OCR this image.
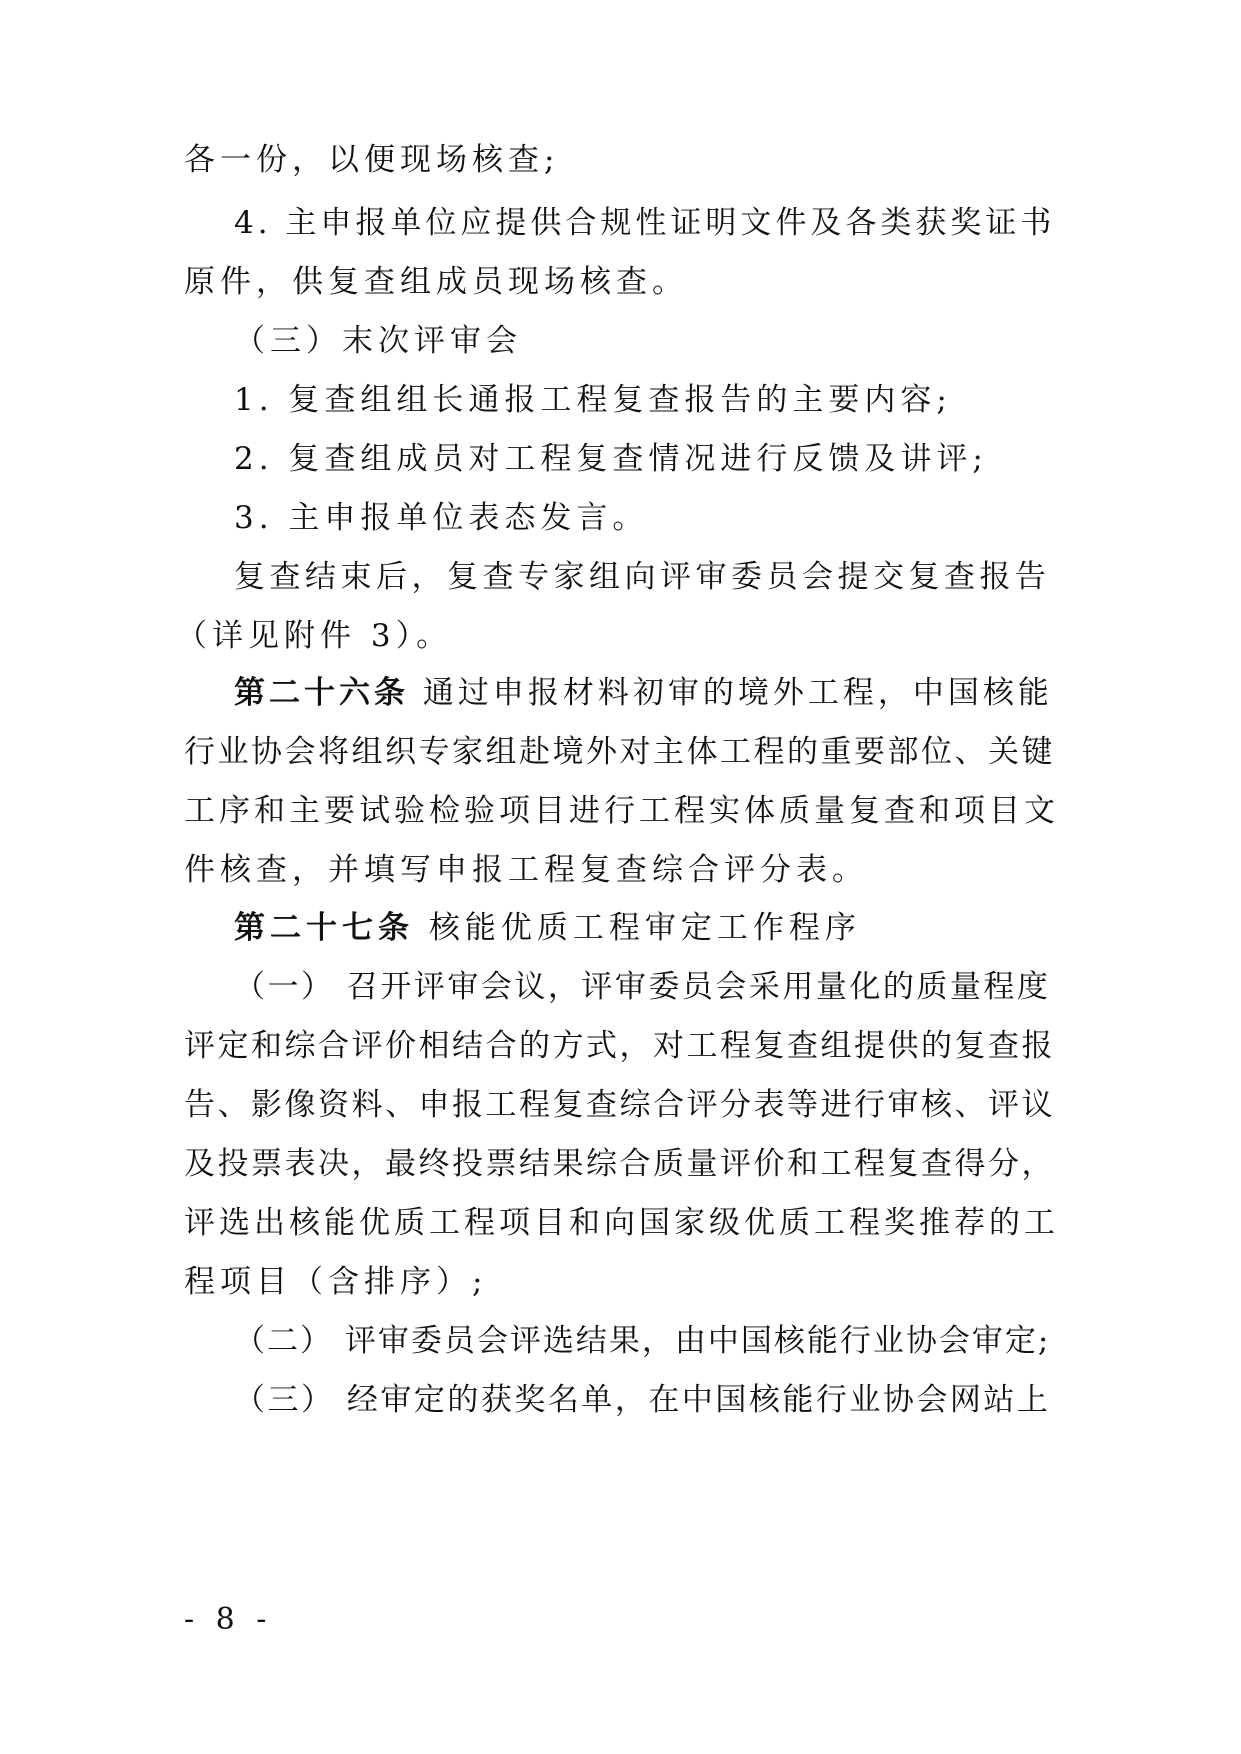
各一份，以便现场核查;

4. 主申报单位应提供合规性证明文件及各类获奖证书

原件，供复查组成员现场核查。

（三）末次评审会

1. 复查组组长通报工程复查报告的主要内容;

2. 复查组成员对工程复查情况进行反馈及讲评;

3. 主申报单位表态发言。

复查结束后，复查专家组向评审委员会提交复查报告

（详见附件 3）。

第二十六条 通过申报材料初审的境外工程，中国核能

行业协会将组织专家组赴境外对主体工程的重要部位、关键

工序和主要试验检验项目进行工程实体质量复查和项目文

件核查，并填写申报工程复查综合评分表。

第二十七条 核能优质工程审定工作程序

（一） 召开评审会议，评审委员会采用量化的质量程度

评定和综合评价相结合的方式，对工程复查组提供的复查报

告、影像资料、申报工程复查综合评分表等进行审核、评议

及投票表决，最终投票结果综合质量评价和工程复查得分，

评选出核能优质工程项目和向国家级优质工程奖推荐的工

程项目（含排序）;

（二） 评审委员会评选结果，由中国核能行业协会审定;

（三） 经审定的获奖名单，在中国核能行业协会网站上

- 8 -
